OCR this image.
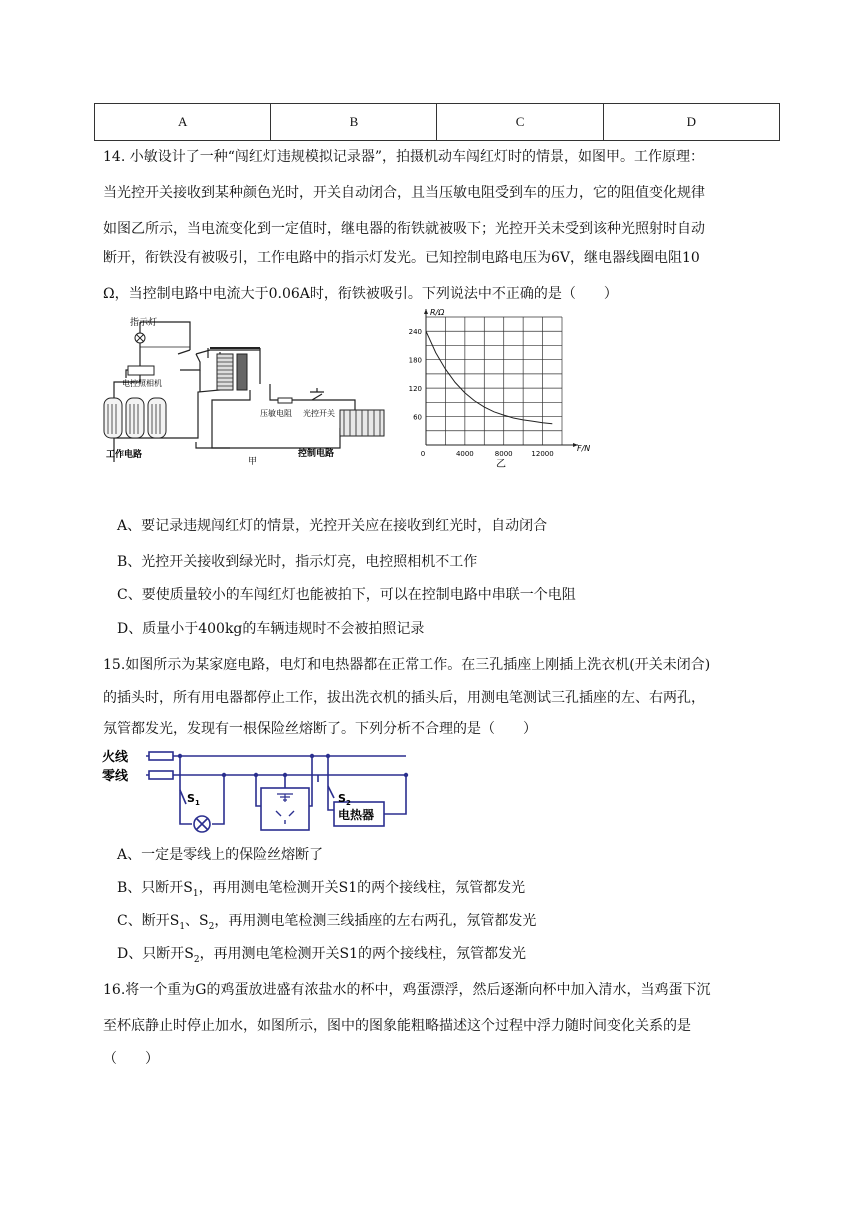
A	B	C	D
14. 小敏设计了一种“闯红灯违规模拟记录器”，拍摄机动车闯红灯时的情景，如图甲。工作原理：
当光控开关接收到某种颜色光时，开关自动闭合，且当压敏电阻受到车的压力，它的阻值变化规律
如图乙所示，当电流变化到一定值时，继电器的衔铁就被吸下；光控开关未受到该种光照射时自动
断开，衔铁没有被吸引，工作电路中的指示灯发光。已知控制电路电压为6V，继电器线圈电阻10
Ω，当控制电路中电流大于0.06A时，衔铁被吸引。下列说法中不正确的是（　　）
指示灯
电控照相机
工作电路
甲
控制电路
压敏电阻 光控开关	60
120
180
240
0	4000	8000	12000
R/Ω
F/N
乙
A、要记录违规闯红灯的情景，光控开关应在接收到红光时，自动闭合
B、光控开关接收到绿光时，指示灯亮，电控照相机不工作
C、要使质量较小的车闯红灯也能被拍下，可以在控制电路中串联一个电阻
D、质量小于400kg的车辆违规时不会被拍照记录
15.如图所示为某家庭电路，电灯和电热器都在正常工作。在三孔插座上刚插上洗衣机(开关未闭合)
的插头时，所有用电器都停止工作，拔出洗衣机的插头后，用测电笔测试三孔插座的左、右两孔，
氖管都发光，发现有一根保险丝熔断了。下列分析不合理的是（　　）
火线
零线
$S_1$	$S_2$
电热器
A、一定是零线上的保险丝熔断了
B、只断开$S_1$，再用测电笔检测开关S1的两个接线柱，氖管都发光
C、断开$S_1$、$S_2$，再用测电笔检测三线插座的左右两孔，氖管都发光
D、只断开$S_2$，再用测电笔检测开关S1的两个接线柱，氖管都发光
16.将一个重为G的鸡蛋放进盛有浓盐水的杯中，鸡蛋漂浮，然后逐渐向杯中加入清水，当鸡蛋下沉
至杯底静止时停止加水，如图所示，图中的图象能粗略描述这个过程中浮力随时间变化关系的是
（　　）
